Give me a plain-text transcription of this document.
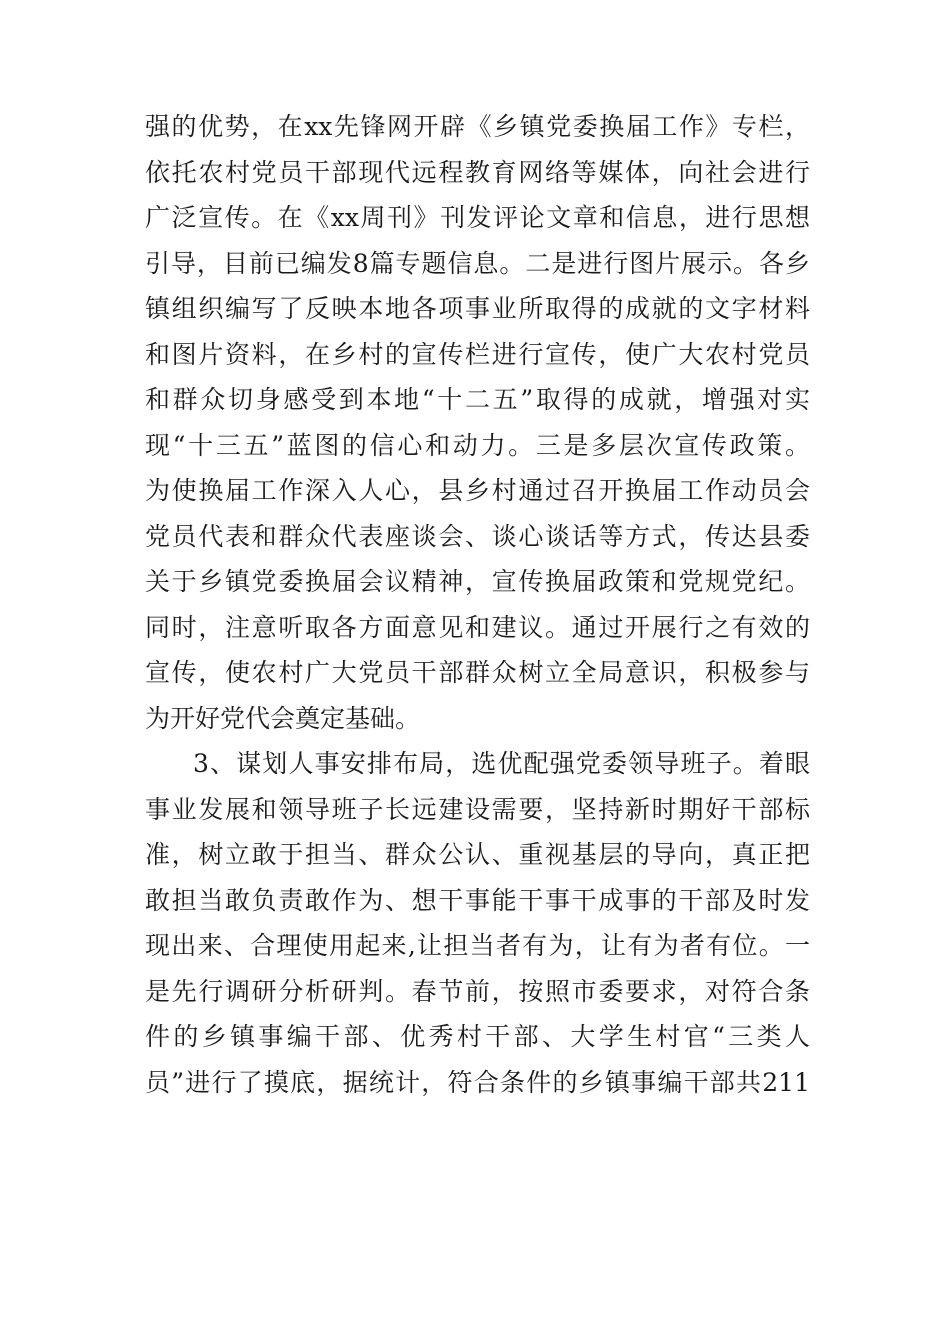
强的优势，在xx先锋网开辟《乡镇党委换届工作》专栏，
依托农村党员干部现代远程教育网络等媒体，向社会进行
广泛宣传。在《xx周刊》刊发评论文章和信息，进行思想
引导，目前已编发8篇专题信息。二是进行图片展示。各乡
镇组织编写了反映本地各项事业所取得的成就的文字材料
和图片资料，在乡村的宣传栏进行宣传，使广大农村党员
和群众切身感受到本地“十二五”取得的成就，增强对实
现“十三五”蓝图的信心和动力。三是多层次宣传政策。
为使换届工作深入人心，县乡村通过召开换届工作动员会
党员代表和群众代表座谈会、谈心谈话等方式，传达县委
关于乡镇党委换届会议精神，宣传换届政策和党规党纪。
同时，注意听取各方面意见和建议。通过开展行之有效的
宣传，使农村广大党员干部群众树立全局意识，积极参与
为开好党代会奠定基础。
3、谋划人事安排布局，选优配强党委领导班子。着眼
事业发展和领导班子长远建设需要，坚持新时期好干部标
准，树立敢于担当、群众公认、重视基层的导向，真正把
敢担当敢负责敢作为、想干事能干事干成事的干部及时发
现出来、合理使用起来,让担当者有为，让有为者有位。一
是先行调研分析研判。春节前，按照市委要求，对符合条
件的乡镇事编干部、优秀村干部、大学生村官“三类人
员”进行了摸底，据统计，符合条件的乡镇事编干部共211
